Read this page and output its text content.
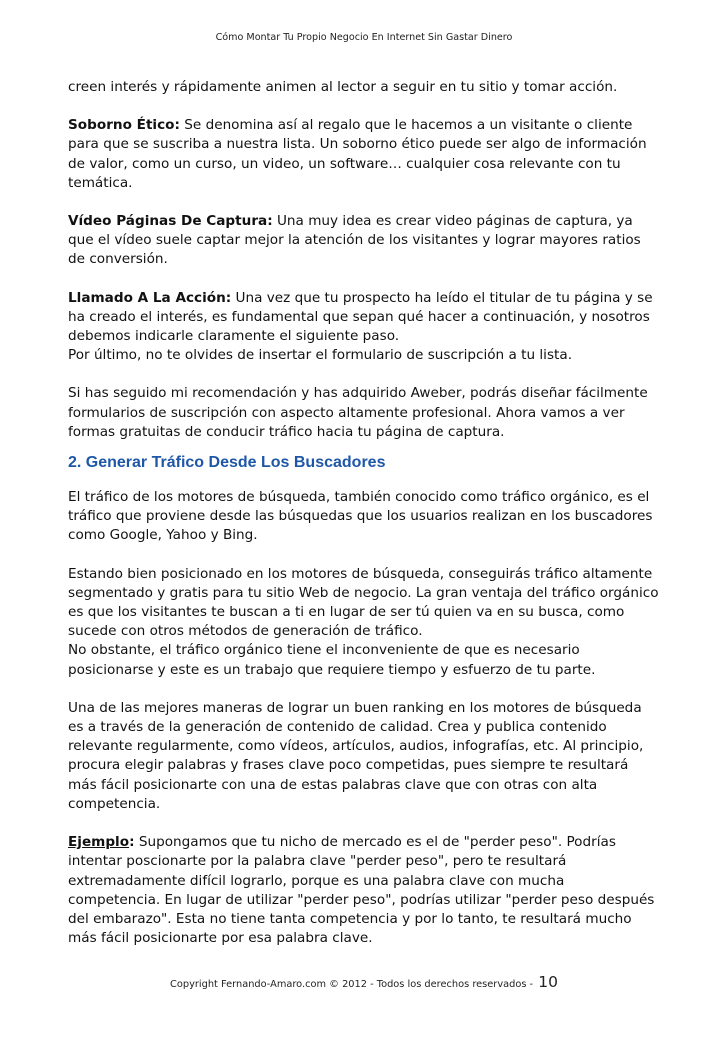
Cómo Montar Tu Propio Negocio En Internet Sin Gastar Dinero

creen interés y rápidamente animen al lector a seguir en tu sitio y tomar acción.

Soborno Ético: Se denomina así al regalo que le hacemos a un visitante o cliente para que se suscriba a nuestra lista. Un soborno ético puede ser algo de información de valor, como un curso, un video, un software… cualquier cosa relevante con tu temática.

Vídeo Páginas De Captura: Una muy idea es crear video páginas de captura, ya que el vídeo suele captar mejor la atención de los visitantes y lograr mayores ratios de conversión.

Llamado A La Acción: Una vez que tu prospecto ha leído el titular de tu página y se ha creado el interés, es fundamental que sepan qué hacer a continuación, y nosotros debemos indicarle claramente el siguiente paso.

Por último, no te olvides de insertar el formulario de suscripción a tu lista.

Si has seguido mi recomendación y has adquirido Aweber, podrás diseñar fácilmente formularios de suscripción con aspecto altamente profesional. Ahora vamos a ver formas gratuitas de conducir tráfico hacia tu página de captura.

2. Generar Tráfico Desde Los Buscadores

El tráfico de los motores de búsqueda, también conocido como tráfico orgánico, es el tráfico que proviene desde las búsquedas que los usuarios realizan en los buscadores como Google, Yahoo y Bing.

Estando bien posicionado en los motores de búsqueda, conseguirás tráfico altamente segmentado y gratis para tu sitio Web de negocio. La gran ventaja del tráfico orgánico es que los visitantes te buscan a ti en lugar de ser tú quien va en su busca, como sucede con otros métodos de generación de tráfico.

No obstante, el tráfico orgánico tiene el inconveniente de que es necesario posicionarse y este es un trabajo que requiere tiempo y esfuerzo de tu parte.

Una de las mejores maneras de lograr un buen ranking en los motores de búsqueda es a través de la generación de contenido de calidad. Crea y publica contenido relevante regularmente, como vídeos, artículos, audios, infografías, etc. Al principio, procura elegir palabras y frases clave poco competidas, pues siempre te resultará más fácil posicionarte con una de estas palabras clave que con otras con alta competencia.

Ejemplo: Supongamos que tu nicho de mercado es el de "perder peso". Podrías intentar poscionarte por la palabra clave "perder peso", pero te resultará extremadamente difícil lograrlo, porque es una palabra clave con mucha competencia. En lugar de utilizar "perder peso", podrías utilizar "perder peso después del embarazo". Esta no tiene tanta competencia y por lo tanto, te resultará mucho más fácil posicionarte por esa palabra clave.

Copyright Fernando-Amaro.com © 2012 - Todos los derechos reservados - 10
